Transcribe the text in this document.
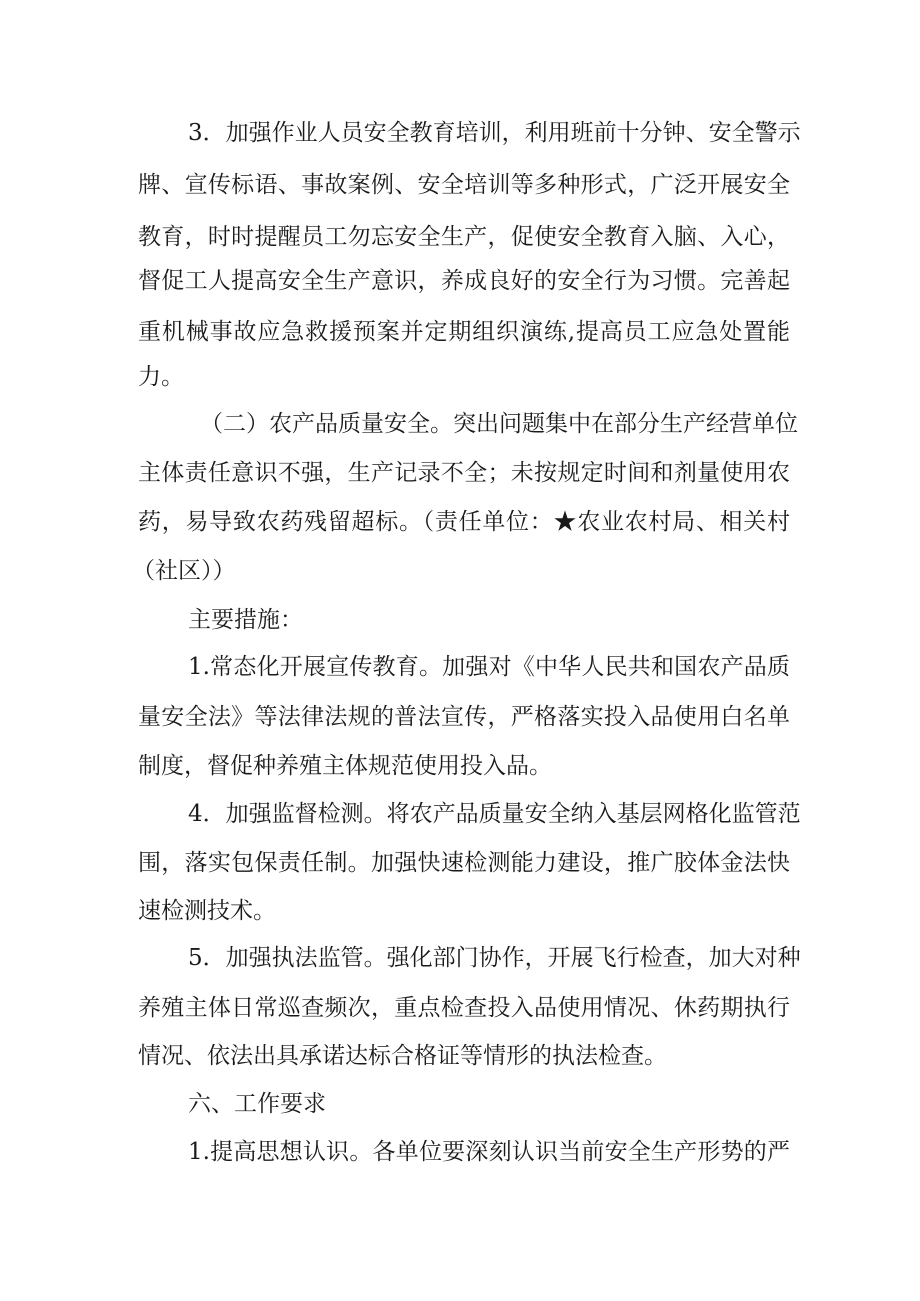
3．加强作业人员安全教育培训，利用班前十分钟、安全警示
牌、宣传标语、事故案例、安全培训等多种形式，广泛开展安全
教育，时时提醒员工勿忘安全生产，促使安全教育入脑、入心，
督促工人提高安全生产意识，养成良好的安全行为习惯。完善起
重机械事故应急救援预案并定期组织演练,提高员工应急处置能
力。
（二）农产品质量安全。突出问题集中在部分生产经营单位
主体责任意识不强，生产记录不全；未按规定时间和剂量使用农
药，易导致农药残留超标。（责任单位：★农业农村局、相关村
（社区））
主要措施：
1.常态化开展宣传教育。加强对《中华人民共和国农产品质
量安全法》等法律法规的普法宣传，严格落实投入品使用白名单
制度，督促种养殖主体规范使用投入品。
4．加强监督检测。将农产品质量安全纳入基层网格化监管范
围，落实包保责任制。加强快速检测能力建设，推广胶体金法快
速检测技术。
5．加强执法监管。强化部门协作，开展飞行检查，加大对种
养殖主体日常巡查频次，重点检查投入品使用情况、休药期执行
情况、依法出具承诺达标合格证等情形的执法检查。
六、工作要求
1.提高思想认识。各单位要深刻认识当前安全生产形势的严
